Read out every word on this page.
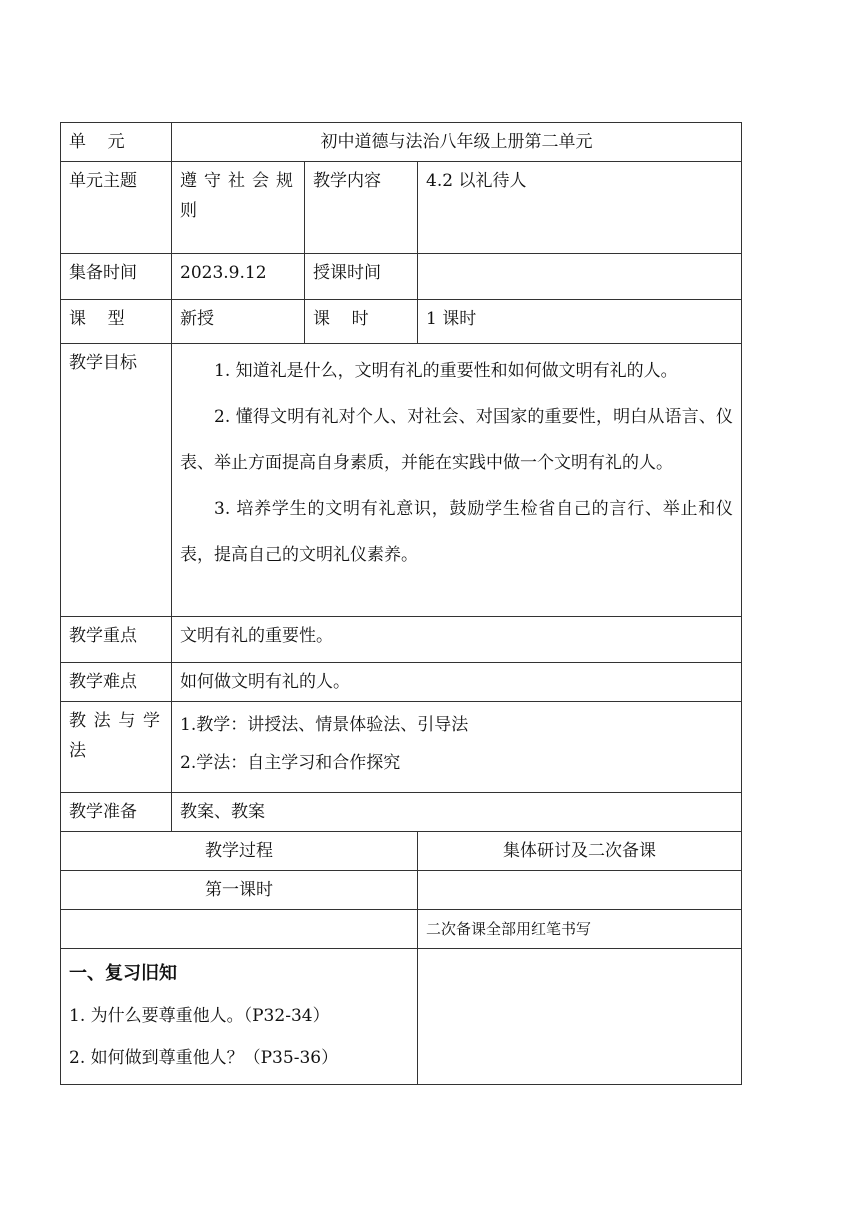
单    元	初中道德与法治八年级上册第二单元		
单元主题	遵守社会规则	教学内容	4.2 以礼待人
集备时间	2023.9.12	授课时间	
课    型	新授	课    时	1 课时
教学目标	1. 知道礼是什么，文明有礼的重要性和如何做文明有礼的人。

2. 懂得文明有礼对个人、对社会、对国家的重要性，明白从语言、仪表、举止方面提高自身素质，并能在实践中做一个文明有礼的人。

3. 培养学生的文明有礼意识，鼓励学生检省自己的言行、举止和仪表，提高自己的文明礼仪素养。		

教学重点	文明有礼的重要性。		
教学难点	如何做文明有礼的人。		
教法与学法	1.教学：讲授法、情景体验法、引导法

2.学法：自主学习和合作探究		

教学准备	教案、教案		
教学过程			集体研讨及二次备课
第一课时			
			二次备课全部用红笔书写

一、复习旧知

1. 为什么要尊重他人。（P32-34）

2. 如何做到尊重他人？（P35-36）			
